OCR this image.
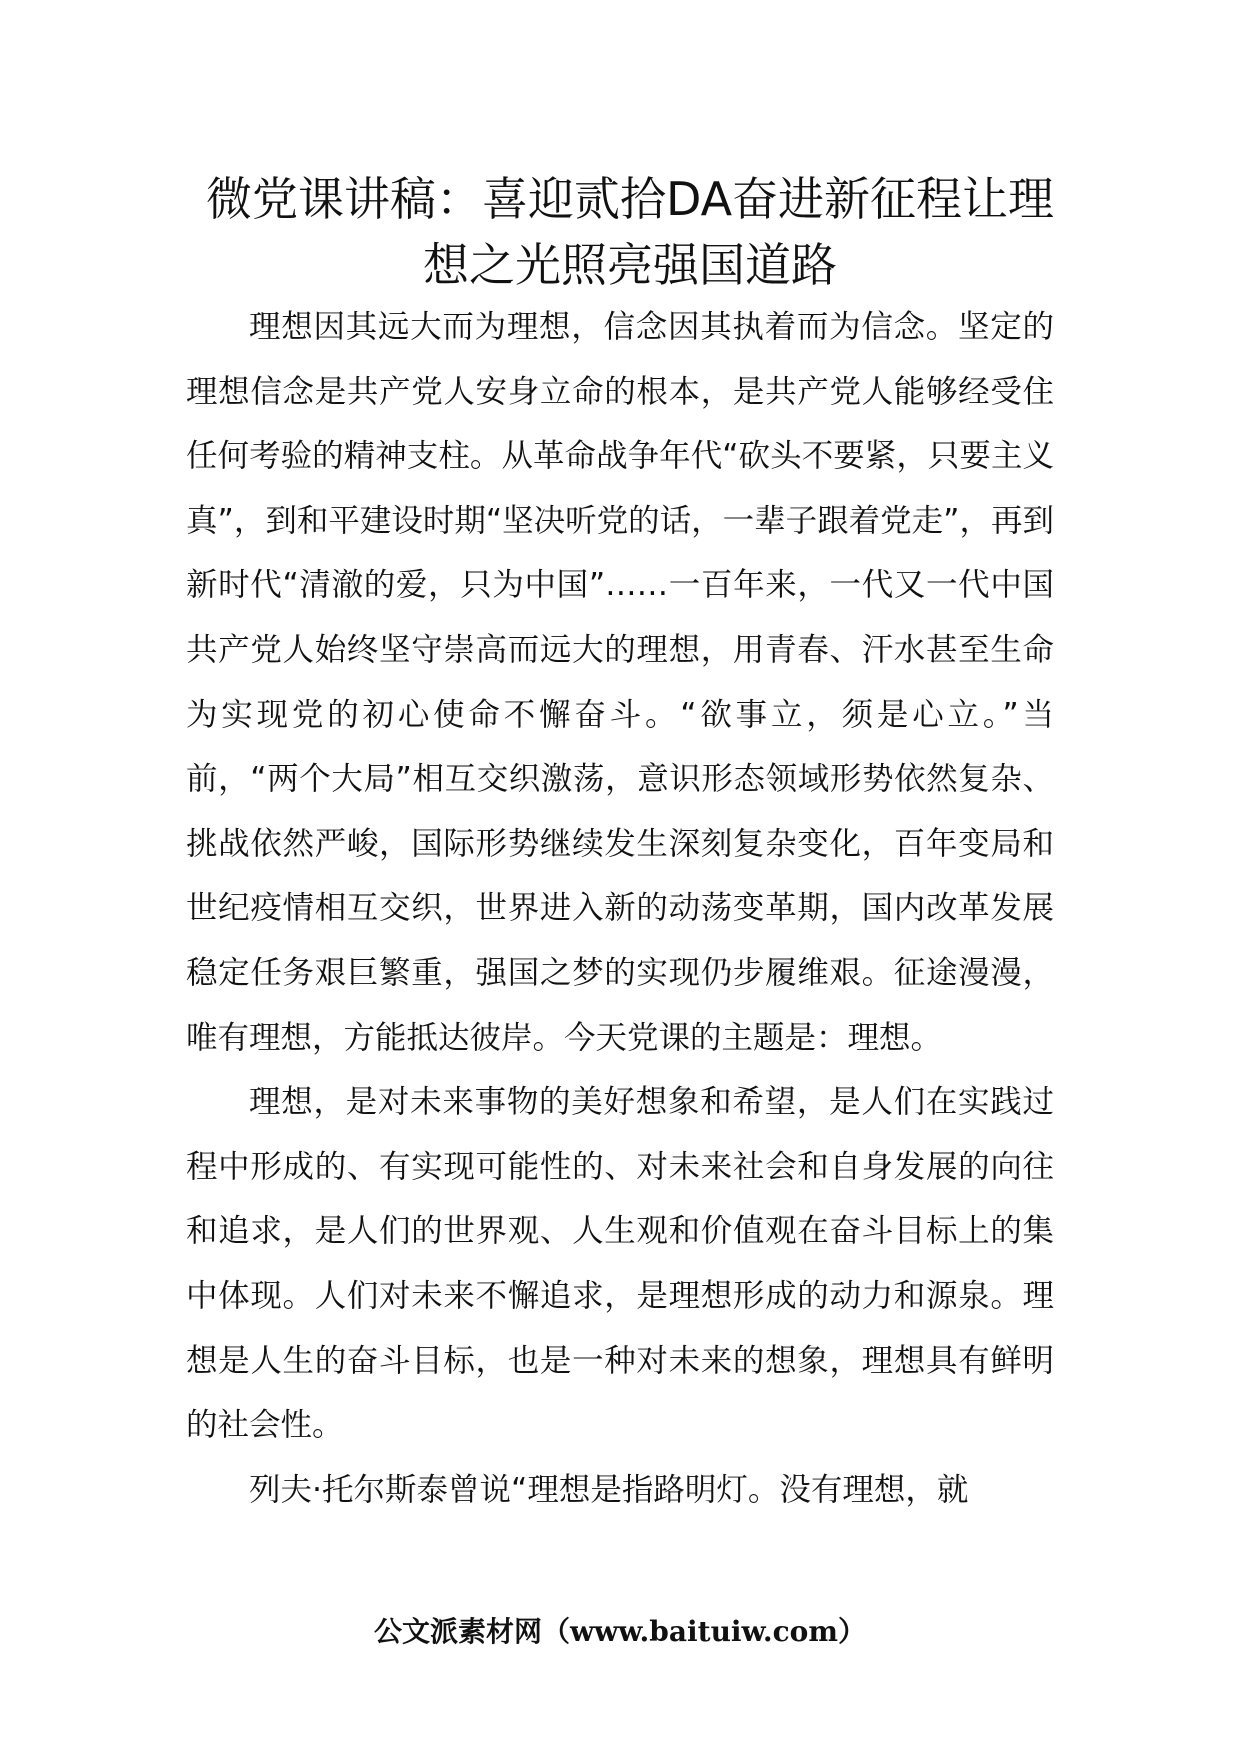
微党课讲稿：喜迎贰拾DA奋进新征程让理
想之光照亮强国道路

理想因其远大而为理想，信念因其执着而为信念。坚定的理想信念是共产党人安身立命的根本，是共产党人能够经受住任何考验的精神支柱。从革命战争年代“砍头不要紧，只要主义真”，到和平建设时期“坚决听党的话，一辈子跟着党走”，再到新时代“清澈的爱，只为中国”……一百年来，一代又一代中国共产党人始终坚守崇高而远大的理想，用青春、汗水甚至生命为实现党的初心使命不懈奋斗。“欲事立，须是心立。”当前，“两个大局”相互交织激荡，意识形态领域形势依然复杂、挑战依然严峻，国际形势继续发生深刻复杂变化，百年变局和世纪疫情相互交织，世界进入新的动荡变革期，国内改革发展稳定任务艰巨繁重，强国之梦的实现仍步履维艰。征途漫漫，唯有理想，方能抵达彼岸。今天党课的主题是：理想。

理想，是对未来事物的美好想象和希望，是人们在实践过程中形成的、有实现可能性的、对未来社会和自身发展的向往和追求，是人们的世界观、人生观和价值观在奋斗目标上的集中体现。人们对未来不懈追求，是理想形成的动力和源泉。理想是人生的奋斗目标，也是一种对未来的想象，理想具有鲜明的社会性。

列夫·托尔斯泰曾说“理想是指路明灯。没有理想，就

公文派素材网（www.baituiw.com）
